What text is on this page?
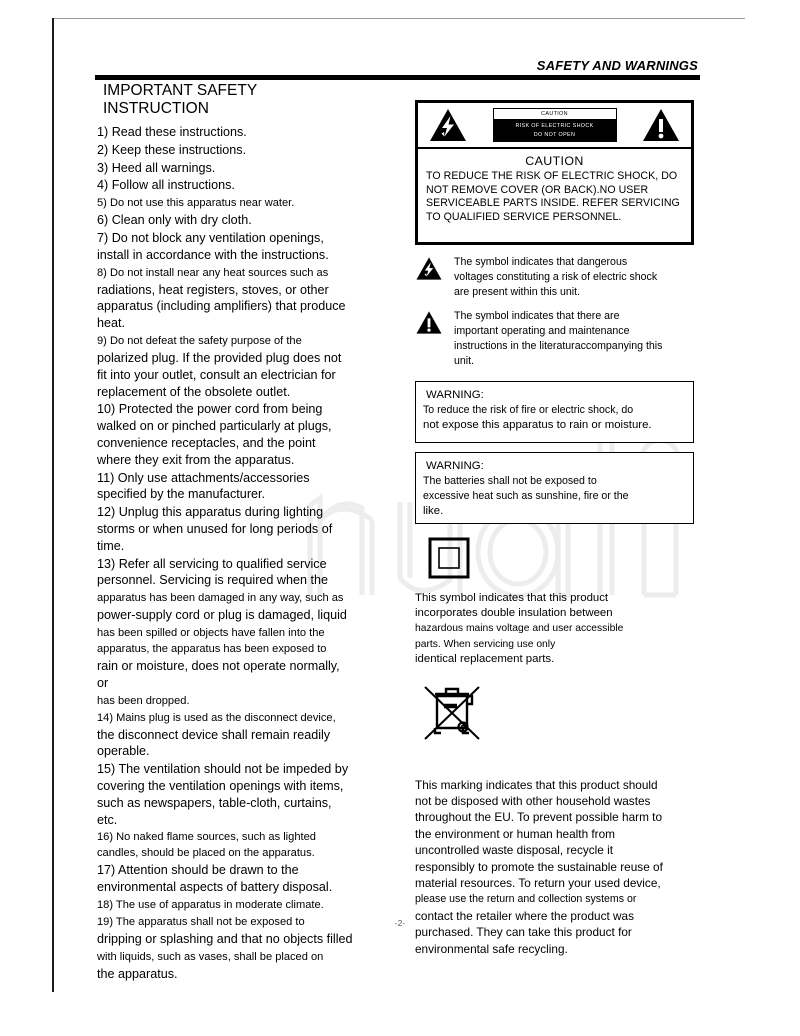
SAFETY AND WARNINGS
IMPORTANT SAFETY INSTRUCTION
1) Read these instructions.
2) Keep these instructions.
3) Heed all warnings.
4) Follow all instructions.
5) Do not use this apparatus near water.
6) Clean only with dry cloth.
7) Do not block any ventilation openings, install in accordance with the instructions.
8) Do not install near any heat sources such as
radiations, heat registers, stoves, or other apparatus (including amplifiers) that produce heat.
9) Do not defeat the safety purpose of the
polarized plug. If the provided plug does not fit into your outlet, consult an electrician for replacement of the obsolete outlet.
10) Protected the power cord from being walked on or pinched particularly at plugs, convenience receptacles, and the point where they exit from the apparatus.
11) Only use attachments/accessories specified by the manufacturer.
12) Unplug this apparatus during lighting storms or when unused for long periods of time.
13) Refer all servicing to qualified service personnel. Servicing is required when the
apparatus has been damaged in any way, such as
power-supply cord or plug is damaged, liquid
has been spilled or objects have fallen into the apparatus, the apparatus has been exposed to
rain or moisture, does not operate normally, or
has been dropped.
14) Mains plug is used as the disconnect device,
the disconnect device shall remain readily operable.
15) The ventilation should not be impeded by covering the ventilation openings with items, such as newspapers, table-cloth, curtains, etc.
16) No naked flame sources, such as lighted candles, should be placed on the apparatus.
17) Attention should be drawn to the environmental aspects of battery disposal.
18) The use of apparatus in moderate climate.
19) The apparatus shall not be exposed to
dripping or splashing and that no objects filled
with liquids, such as vases, shall be placed on
the apparatus.
CAUTION
RISK OF ELECTRIC SHOCK
DO NOT OPEN
CAUTION
TO REDUCE THE RISK OF ELECTRIC SHOCK, DO
NOT REMOVE COVER (OR BACK).NO USER
SERVICEABLE PARTS INSIDE. REFER SERVICING
TO QUALIFIED SERVICE PERSONNEL.
The symbol indicates that dangerous
voltages constituting a risk of electric shock
are present within this unit.
The symbol indicates that there are
important operating and maintenance
instructions in the literaturaccompanying this
unit.
WARNING:
To reduce the risk of fire or electric shock, do
not expose this apparatus to rain or moisture.
WARNING:
The batteries shall not be exposed to
excessive heat such as sunshine, fire or the
like.
This symbol indicates that this product
incorporates double insulation between
hazardous mains voltage and user accessible
parts. When servicing use only
identical replacement parts.
This marking indicates that this product should
not be disposed with other household wastes
throughout the EU. To prevent possible harm to
the environment or human health from
uncontrolled waste disposal, recycle it
responsibly to promote the sustainable reuse of
material resources. To return your used device,
please use the return and collection systems or
contact the retailer where the product was
purchased. They can take this product for
environmental safe recycling.
-2-
